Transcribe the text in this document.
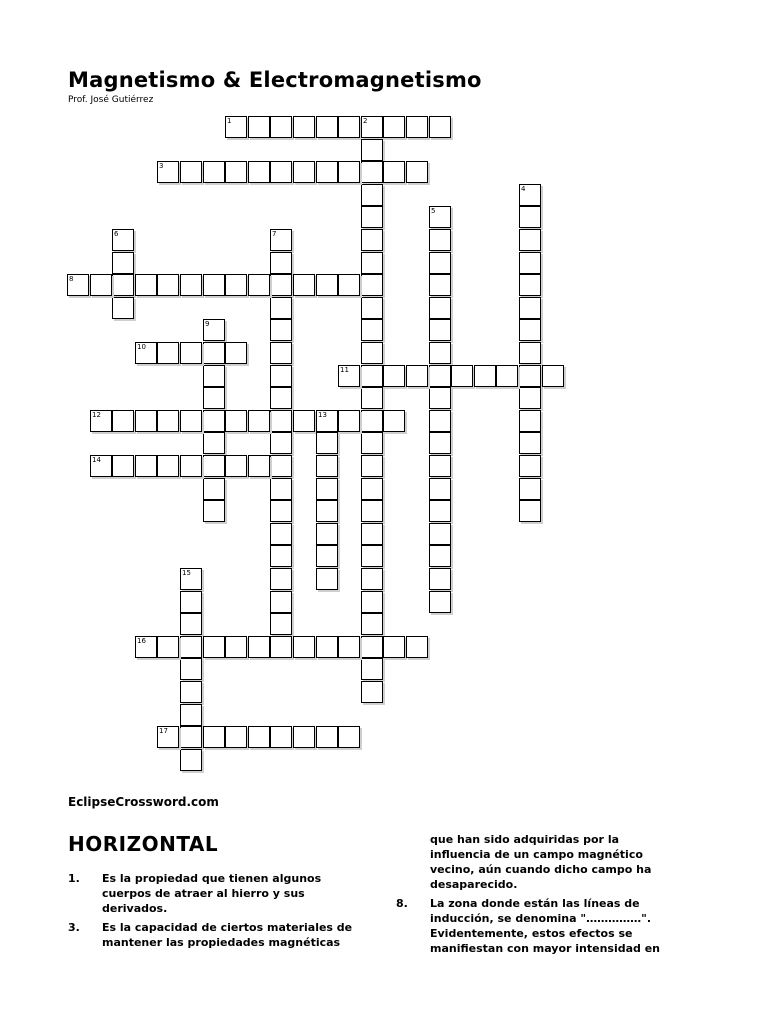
Magnetismo & Electromagnetismo
Prof. José Gutiérrez
1	2
3
4
5
6	7
8
9
10
11
12	13
14
15
16
17
EclipseCrossword.com
HORIZONTAL
1. Es la propiedad que tienen algunos cuerpos de atraer al hierro y sus derivados.
3. Es la capacidad de ciertos materiales de mantener las propiedades magnéticas
que han sido adquiridas por la influencia de un campo magnético vecino, aún cuando dicho campo ha desaparecido.
8. La zona donde están las líneas de inducción, se denomina "……………". Evidentemente, estos efectos se manifiestan con mayor intensidad en
